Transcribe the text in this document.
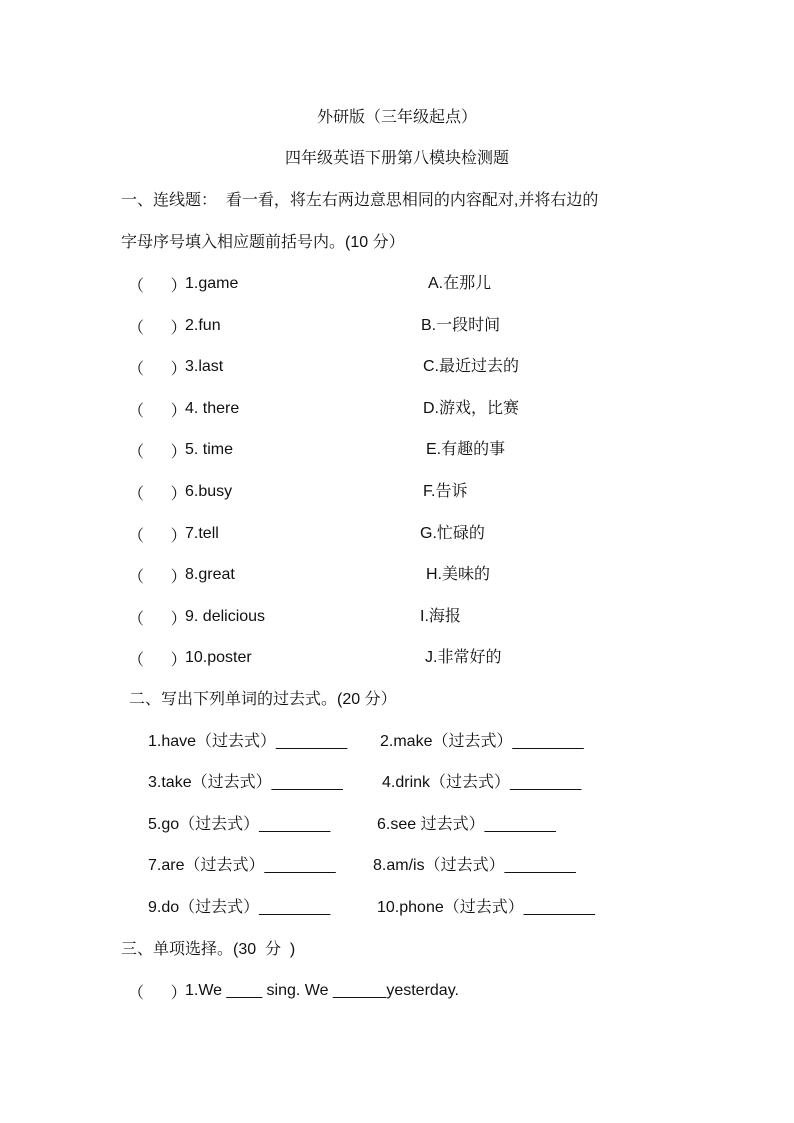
外研版（三年级起点）
四年级英语下册第八模块检测题
一、连线题：  看一看，将左右两边意思相同的内容配对,并将右边的
字母序号填入相应题前括号内。(10 分）
（      ）
1.game	A.在那儿
（      ）
2.fun	B.一段时间
（      ）
3.last	C.最近过去的
（      ）
4. there	D.游戏，比赛
（      ）
5. time	E.有趣的事
（      ）
6.busy	F.告诉
（      ）
7.tell	G.忙碌的
（      ）
8.great	H.美味的
（      ）
9. delicious	I.海报
（      ）
10.poster	J.非常好的
二、写出下列单词的过去式。(20 分）
1.have（过去式）________ 2.make（过去式）________
3.take（过去式）________ 4.drink（过去式）________
5.go（过去式）________	6.see 过去式）________
7.are（过去式）________ 8.am/is（过去式）________
9.do（过去式）________	10.phone（过去式）________
三、单项选择。(30  分  )
（      ）
1.We ____ sing. We ______yesterday.
